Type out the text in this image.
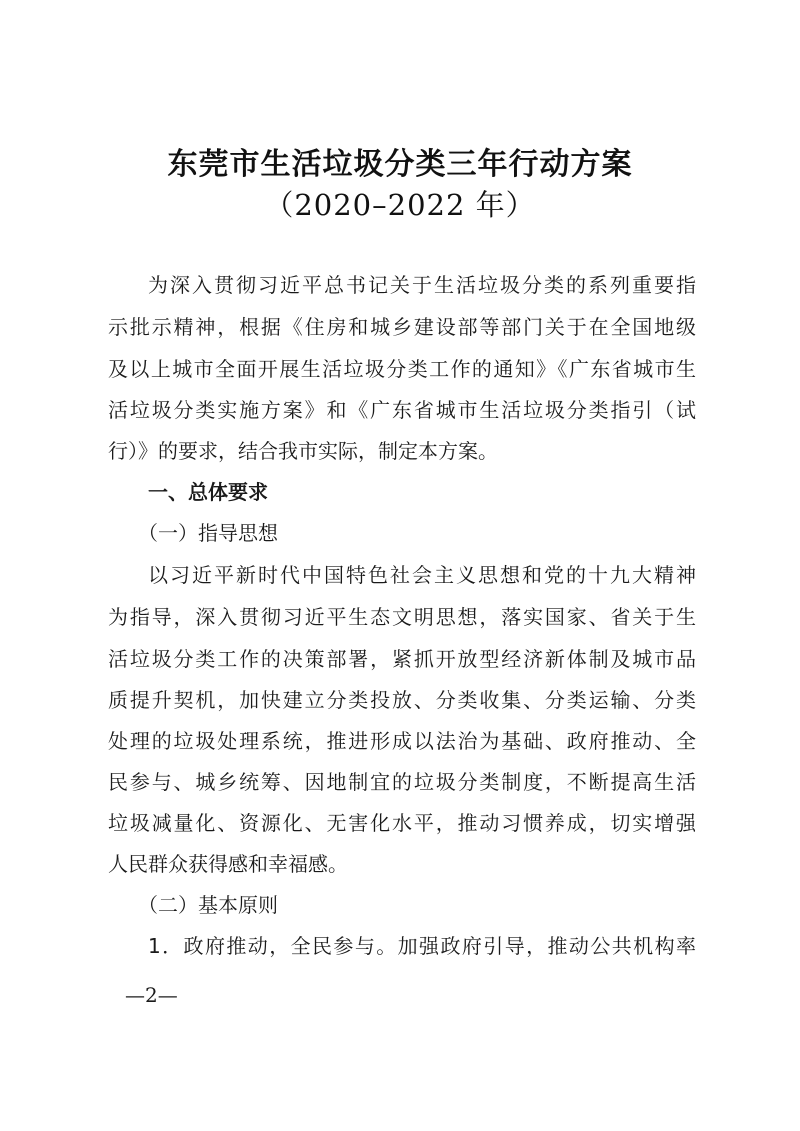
东莞市生活垃圾分类三年行动方案
（2020–2022 年）
为深入贯彻习近平总书记关于生活垃圾分类的系列重要指
示批示精神，根据《住房和城乡建设部等部门关于在全国地级
及以上城市全面开展生活垃圾分类工作的通知》《广东省城市生
活垃圾分类实施方案》和《广东省城市生活垃圾分类指引（试
行）》的要求，结合我市实际，制定本方案。
一、总体要求
（一）指导思想
以习近平新时代中国特色社会主义思想和党的十九大精神
为指导，深入贯彻习近平生态文明思想，落实国家、省关于生
活垃圾分类工作的决策部署，紧抓开放型经济新体制及城市品
质提升契机，加快建立分类投放、分类收集、分类运输、分类
处理的垃圾处理系统，推进形成以法治为基础、政府推动、全
民参与、城乡统筹、因地制宜的垃圾分类制度，不断提高生活
垃圾减量化、资源化、无害化水平，推动习惯养成，切实增强
人民群众获得感和幸福感。
（二）基本原则
1．政府推动，全民参与。加强政府引导，推动公共机构率
—2—
